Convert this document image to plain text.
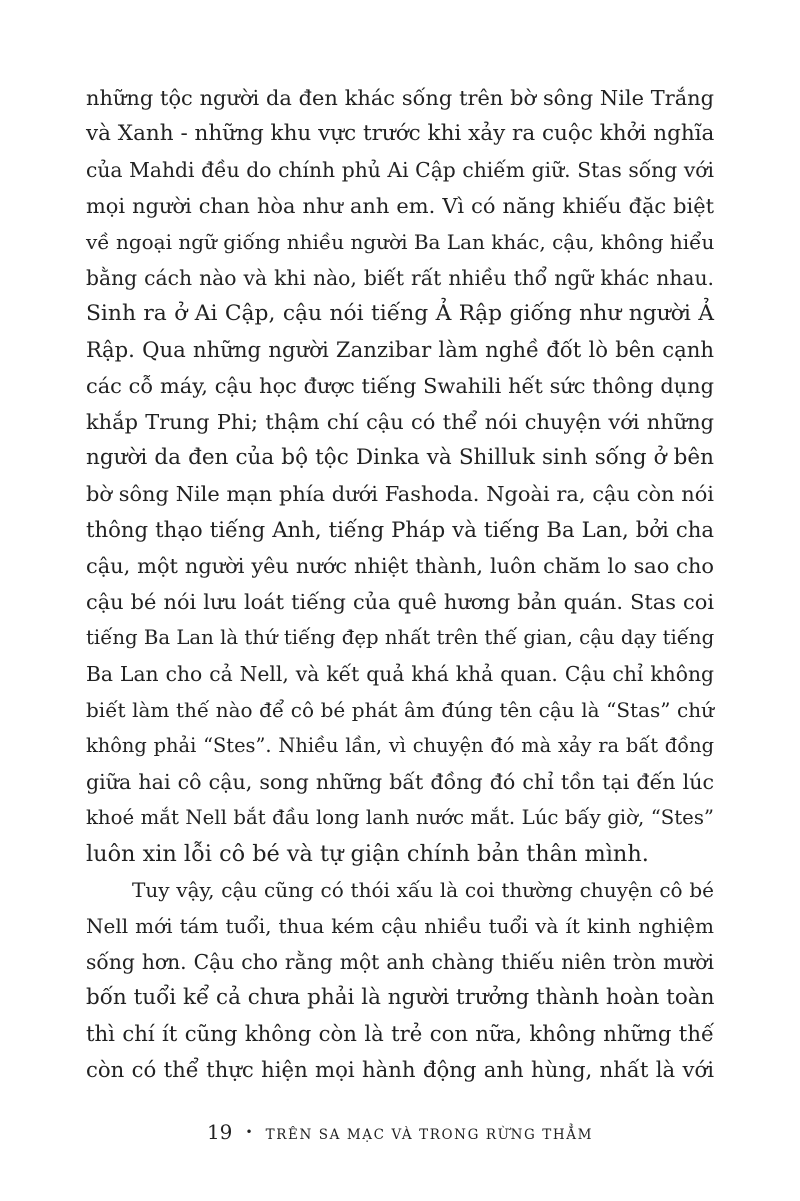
những tộc người da đen khác sống trên bờ sông Nile Trắng
và Xanh - những khu vực trước khi xảy ra cuộc khởi nghĩa
của Mahdi đều do chính phủ Ai Cập chiếm giữ. Stas sống với
mọi người chan hòa như anh em. Vì có năng khiếu đặc biệt
về ngoại ngữ giống nhiều người Ba Lan khác, cậu, không hiểu
bằng cách nào và khi nào, biết rất nhiều thổ ngữ khác nhau.
Sinh ra ở Ai Cập, cậu nói tiếng Ả Rập giống như người Ả
Rập. Qua những người Zanzibar làm nghề đốt lò bên cạnh
các cỗ máy, cậu học được tiếng Swahili hết sức thông dụng
khắp Trung Phi; thậm chí cậu có thể nói chuyện với những
người da đen của bộ tộc Dinka và Shilluk sinh sống ở bên
bờ sông Nile mạn phía dưới Fashoda. Ngoài ra, cậu còn nói
thông thạo tiếng Anh, tiếng Pháp và tiếng Ba Lan, bởi cha
cậu, một người yêu nước nhiệt thành, luôn chăm lo sao cho
cậu bé nói lưu loát tiếng của quê hương bản quán. Stas coi
tiếng Ba Lan là thứ tiếng đẹp nhất trên thế gian, cậu dạy tiếng
Ba Lan cho cả Nell, và kết quả khá khả quan. Cậu chỉ không
biết làm thế nào để cô bé phát âm đúng tên cậu là “Stas” chứ
không phải “Stes”. Nhiều lần, vì chuyện đó mà xảy ra bất đồng
giữa hai cô cậu, song những bất đồng đó chỉ tồn tại đến lúc
khoé mắt Nell bắt đầu long lanh nước mắt. Lúc bấy giờ, “Stes”
luôn xin lỗi cô bé và tự giận chính bản thân mình.
Tuy vậy, cậu cũng có thói xấu là coi thường chuyện cô bé
Nell mới tám tuổi, thua kém cậu nhiều tuổi và ít kinh nghiệm
sống hơn. Cậu cho rằng một anh chàng thiếu niên tròn mười
bốn tuổi kể cả chưa phải là người trưởng thành hoàn toàn
thì chí ít cũng không còn là trẻ con nữa, không những thế
còn có thể thực hiện mọi hành động anh hùng, nhất là với
19 • TRÊN SA MẠC VÀ TRONG RỪNG THẲM
